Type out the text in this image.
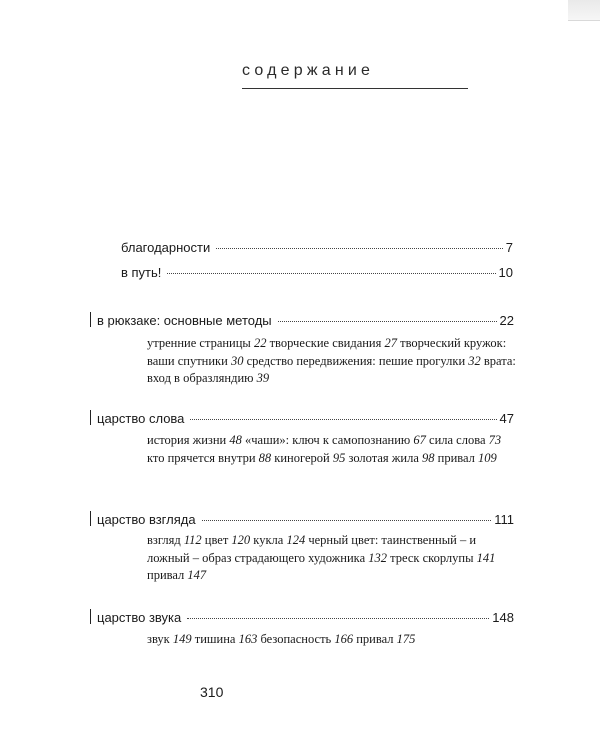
содержание
благодарности	7
в путь!	10
в рюкзаке: основные методы	22
утренние страницы 22 творческие свидания 27 творческий кружок: ваши спутники 30 средство передвижения: пешие прогулки 32 врата: вход в образляндию 39
царство слова	47
история жизни 48 «чаши»: ключ к самопознанию 67 сила слова 73 кто прячется внутри 88 киногерой 95 золотая жила 98 привал 109
царство взгляда	111
взгляд 112 цвет 120 кукла 124 черный цвет: таинственный – и ложный – образ страдающего художника 132 треск скорлупы 141 привал 147
царство звука	148
звук 149 тишина 163 безопасность 166 привал 175
310
